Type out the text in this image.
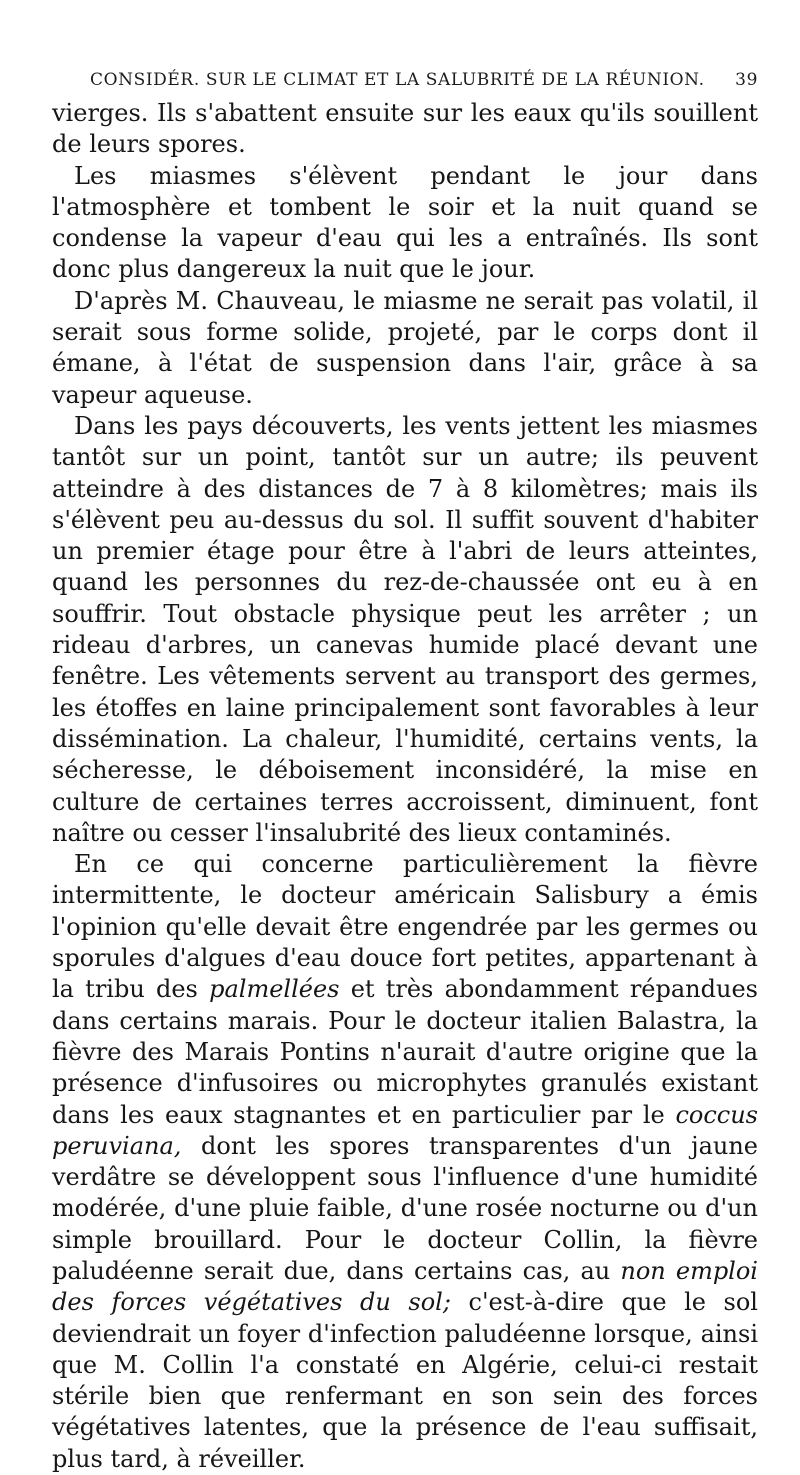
CONSIDÉR. SUR LE CLIMAT ET LA SALUBRITÉ DE LA RÉUNION. 39

vierges. Ils s'abattent ensuite sur les eaux qu'ils souillent de leurs spores.

Les miasmes s'élèvent pendant le jour dans l'atmosphère et tombent le soir et la nuit quand se condense la vapeur d'eau qui les a entraînés. Ils sont donc plus dangereux la nuit que le jour.

D'après M. Chauveau, le miasme ne serait pas volatil, il serait sous forme solide, projeté, par le corps dont il émane, à l'état de suspension dans l'air, grâce à sa vapeur aqueuse.

Dans les pays découverts, les vents jettent les miasmes tantôt sur un point, tantôt sur un autre; ils peuvent atteindre à des distances de 7 à 8 kilomètres; mais ils s'élèvent peu au-dessus du sol. Il suffit souvent d'habiter un premier étage pour être à l'abri de leurs atteintes, quand les personnes du rez-de-chaussée ont eu à en souffrir. Tout obstacle physique peut les arrêter ; un rideau d'arbres, un canevas humide placé devant une fenêtre. Les vêtements servent au transport des germes, les étoffes en laine principalement sont favorables à leur dissémination. La chaleur, l'humidité, certains vents, la sécheresse, le déboisement inconsidéré, la mise en culture de certaines terres accroissent, diminuent, font naître ou cesser l'insalubrité des lieux contaminés.

En ce qui concerne particulièrement la fièvre intermittente, le docteur américain Salisbury a émis l'opinion qu'elle devait être engendrée par les germes ou sporules d'algues d'eau douce fort petites, appartenant à la tribu des palmellées et très abondamment répandues dans certains marais. Pour le docteur italien Balastra, la fièvre des Marais Pontins n'aurait d'autre origine que la présence d'infusoires ou microphytes granulés existant dans les eaux stagnantes et en particulier par le coccus peruviana, dont les spores transparentes d'un jaune verdâtre se développent sous l'influence d'une humidité modérée, d'une pluie faible, d'une rosée nocturne ou d'un simple brouillard. Pour le docteur Collin, la fièvre paludéenne serait due, dans certains cas, au non emploi des forces végétatives du sol; c'est-à-dire que le sol deviendrait un foyer d'infection paludéenne lorsque, ainsi que M. Collin l'a constaté en Algérie, celui-ci restait stérile bien que renfermant en son sein des forces végétatives latentes, que la présence de l'eau suffisait, plus tard, à réveiller.
